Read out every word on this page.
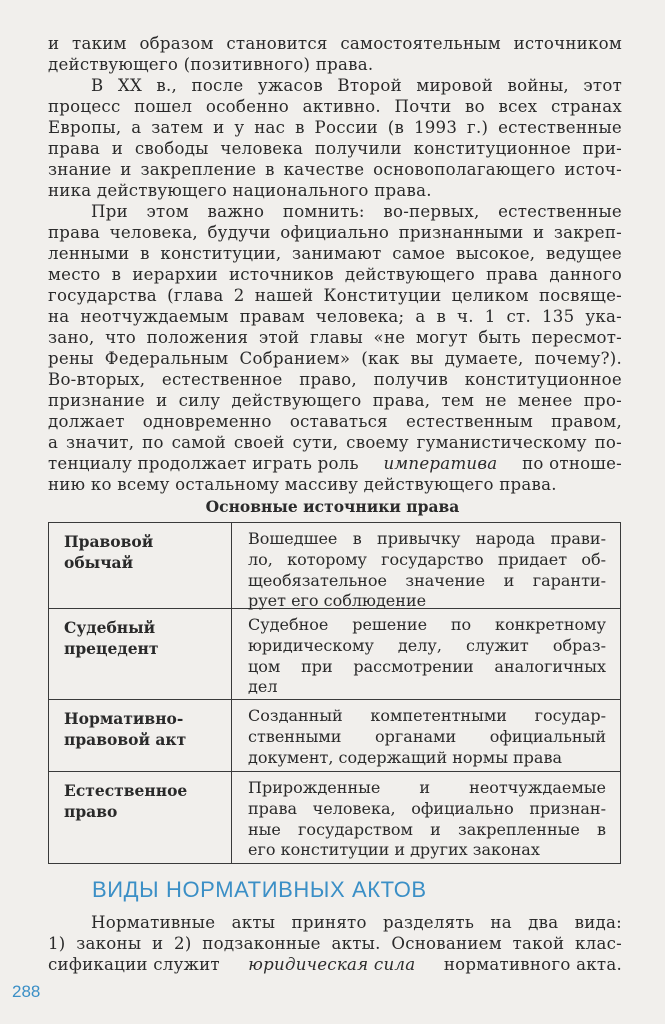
и таким образом становится самостоятельным источником
действующего (позитивного) права.
В XX в., после ужасов Второй мировой войны, этот
процесс пошел особенно активно. Почти во всех странах
Европы, а затем и у нас в России (в 1993 г.) естественные
права и свободы человека получили конституционное при-
знание и закрепление в качестве основополагающего источ-
ника действующего национального права.
При этом важно помнить: во-первых, естественные
права человека, будучи официально признанными и закреп-
ленными в конституции, занимают самое высокое, ведущее
место в иерархии источников действующего права данного
государства (глава 2 нашей Конституции целиком посвяще-
на неотчуждаемым правам человека; а в ч. 1 ст. 135 ука-
зано, что положения этой главы «не могут быть пересмот-
рены Федеральным Собранием» (как вы думаете, почему?).
Во-вторых, естественное право, получив конституционное
признание и силу действующего права, тем не менее про-
должает одновременно оставаться естественным правом,
а значит, по самой своей сути, своему гуманистическому по-
тенциалу продолжает играть роль императива по отноше-
нию ко всему остальному массиву действующего права.
Основные источники права
Правовой
обычай
Вошедшее в привычку народа прави-
ло, которому государство придает об-
щеобязательное значение и гаранти-
рует его соблюдение
Судебный
прецедент
Судебное решение по конкретному
юридическому делу, служит образ-
цом при рассмотрении аналогичных
дел
Нормативно-
правовой акт
Созданный компетентными государ-
ственными органами официальный
документ, содержащий нормы права
Естественное
право
Прирожденные и неотчуждаемые
права человека, официально признан-
ные государством и закрепленные в
его конституции и других законах
ВИДЫ НОРМАТИВНЫХ АКТОВ
Нормативные акты принято разделять на два вида:
1) законы и 2) подзаконные акты. Основанием такой клас-
сификации служит юридическая сила нормативного акта.
288
